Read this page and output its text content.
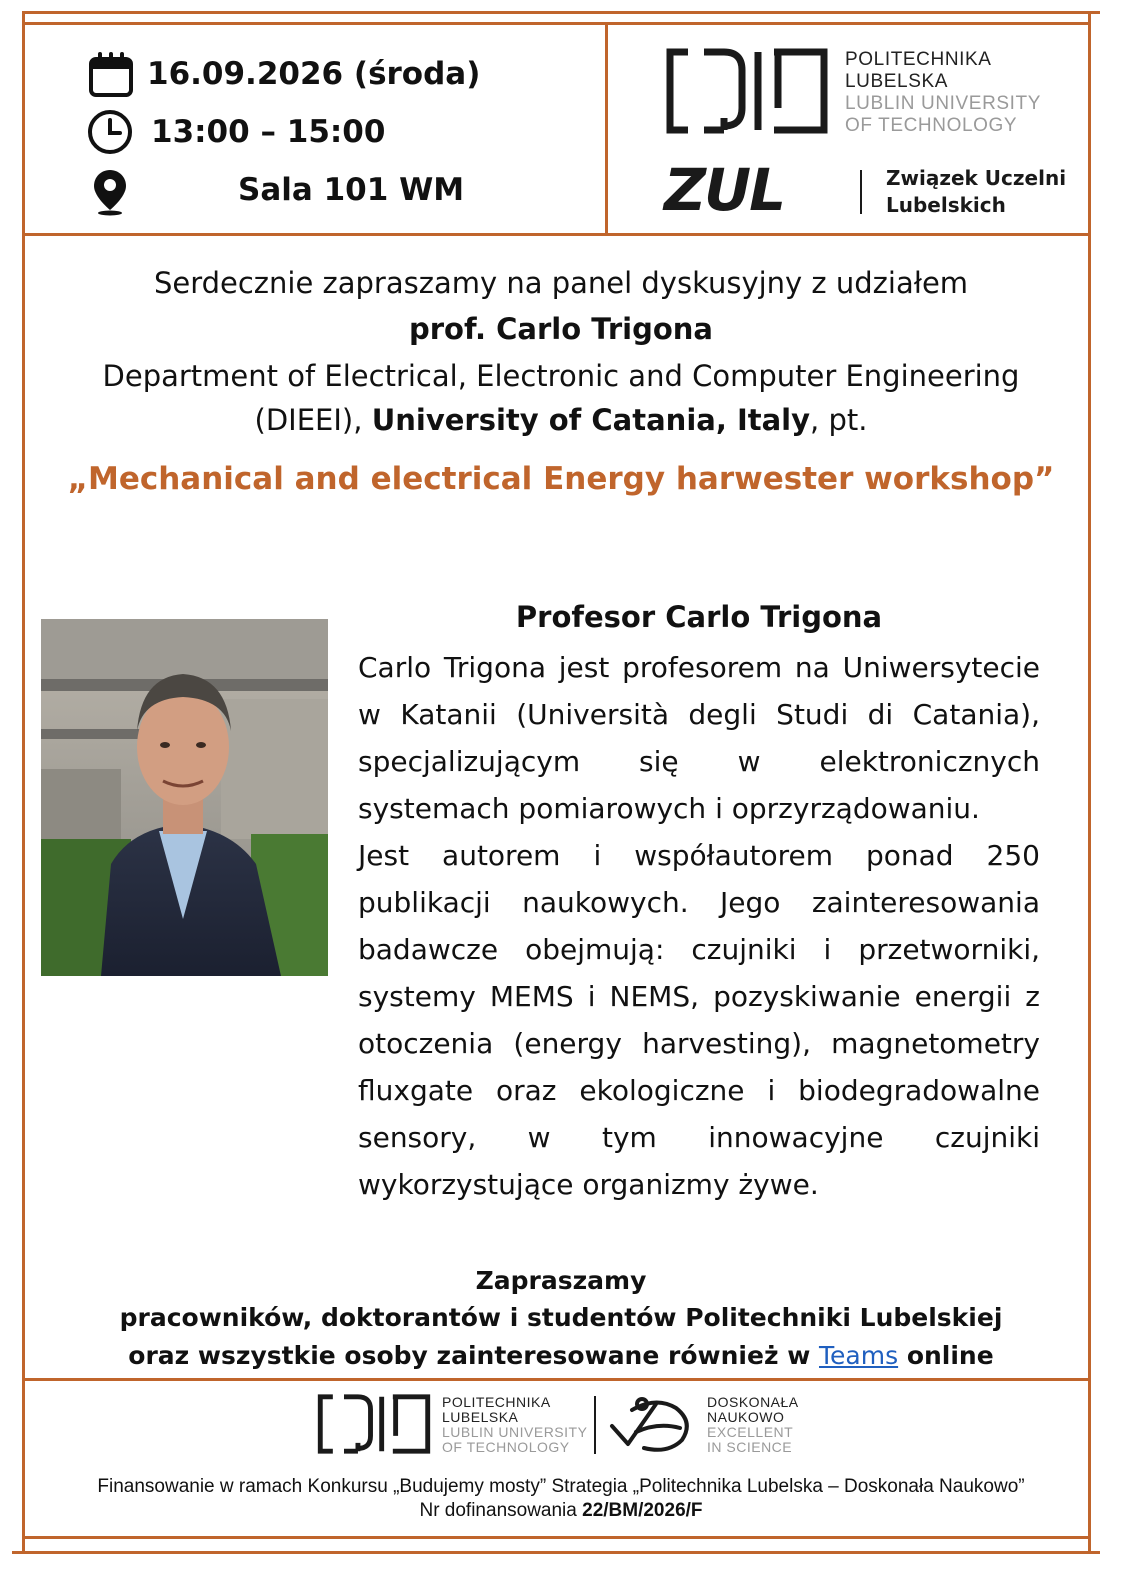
16.09.2026 (środa)
13:00 – 15:00
Sala 101 WM
POLITECHNIKA
LUBELSKA
LUBLIN UNIVERSITY
OF TECHNOLOGY
ZUL	Związek Uczelni
Lubelskich
Serdecznie zapraszamy na panel dyskusyjny z udziałem
prof. Carlo Trigona
Department of Electrical, Electronic and Computer Engineering
(DIEEI), University of Catania, Italy, pt.
„Mechanical and electrical Energy harwester workshop”
Profesor Carlo Trigona

Carlo Trigona jest profesorem na Uniwersytecie w Katanii (Università degli Studi di Catania), specjalizującym się w elektronicznych systemach pomiarowych i oprzyrządowaniu.

Jest autorem i współautorem ponad 250 publikacji naukowych. Jego zainteresowania badawcze obejmują: czujniki i przetworniki, systemy MEMS i NEMS, pozyskiwanie energii z otoczenia (energy harvesting), magnetometry fluxgate oraz ekologiczne i biodegradowalne sensory, w tym innowacyjne czujniki wykorzystujące organizmy żywe.

Zapraszamy
pracowników, doktorantów i studentów Politechniki Lubelskiej
oraz wszystkie osoby zainteresowane również w Teams online
POLITECHNIKA
LUBELSKA
LUBLIN UNIVERSITY
OF TECHNOLOGY
DOSKONAŁA
NAUKOWO
EXCELLENT
IN SCIENCE
Finansowanie w ramach Konkursu „Budujemy mosty” Strategia „Politechnika Lubelska – Doskonała Naukowo”
Nr dofinansowania 22/BM/2026/F
